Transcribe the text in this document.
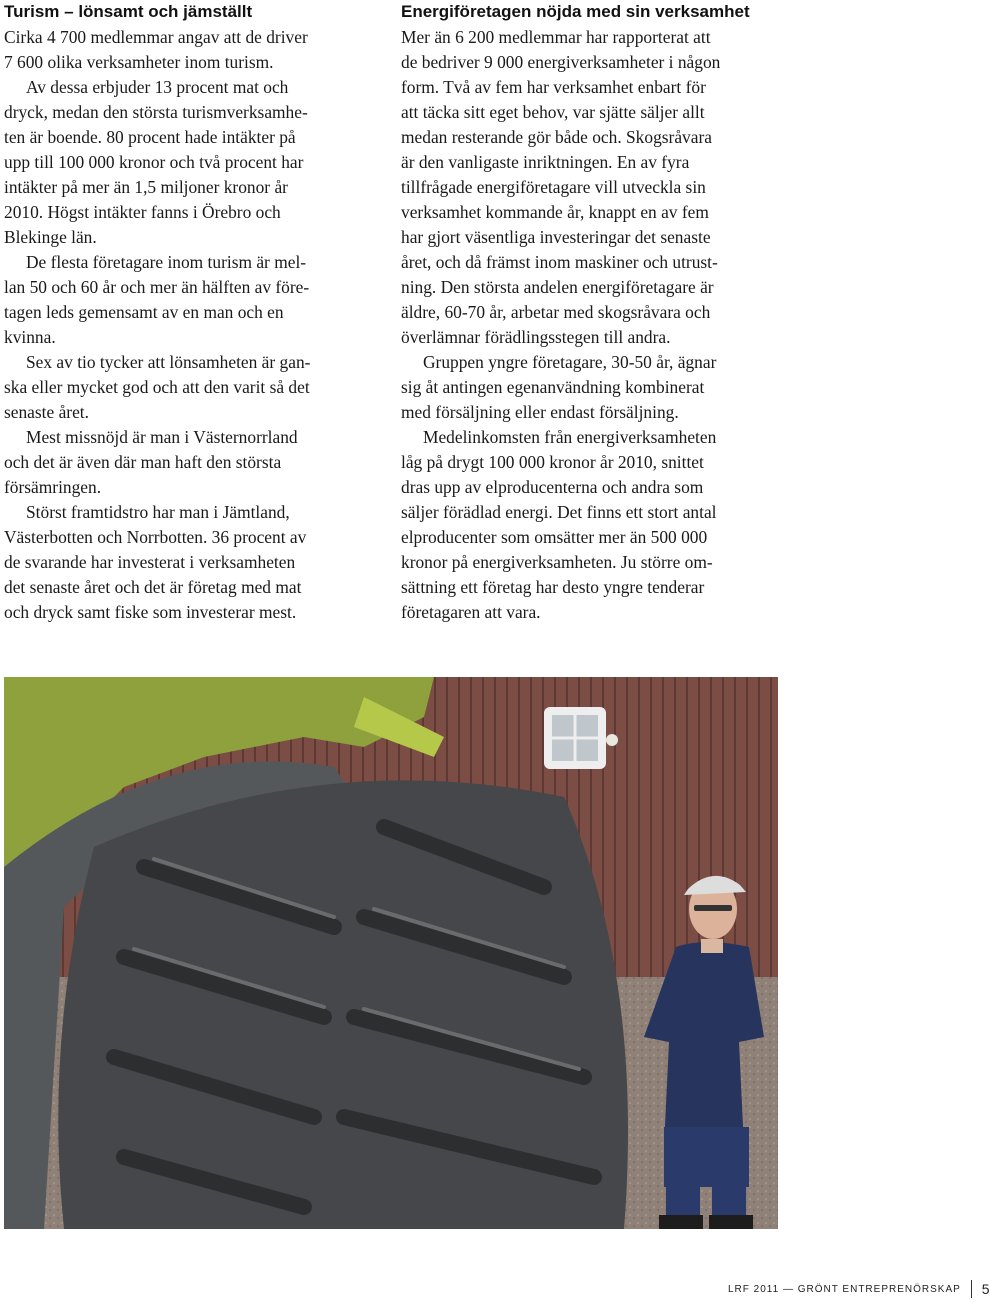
Turism – lönsamt och jämställt

Cirka 4 700 medlemmar angav att de driver
7 600 olika verksamheter inom turism.

Av dessa erbjuder 13 procent mat och
dryck, medan den största turismverksamhe-
ten är boende. 80 procent hade intäkter på
upp till 100 000 kronor och två procent har
intäkter på mer än 1,5 miljoner kronor år
2010. Högst intäkter fanns i Örebro och
Blekinge län.

De flesta företagare inom turism är mel-
lan 50 och 60 år och mer än hälften av före-
tagen leds gemensamt av en man och en
kvinna.

Sex av tio tycker att lönsamheten är gan-
ska eller mycket god och att den varit så det
senaste året.

Mest missnöjd är man i Västernorrland
och det är även där man haft den största
försämringen.

Störst framtidstro har man i Jämtland,
Västerbotten och Norrbotten. 36 procent av
de svarande har investerat i verksamheten
det senaste året och det är företag med mat
och dryck samt fiske som investerar mest.

Energiföretagen nöjda med sin verksamhet

Mer än 6 200 medlemmar har rapporterat att
de bedriver 9 000 energiverksamheter i någon
form. Två av fem har verksamhet enbart för
att täcka sitt eget behov, var sjätte säljer allt
medan resterande gör både och. Skogsråvara
är den vanligaste inriktningen. En av fyra
tillfrågade energiföretagare vill utveckla sin
verksamhet kommande år, knappt en av fem
har gjort väsentliga investeringar det senaste
året, och då främst inom maskiner och utrust-
ning. Den största andelen energiföretagare är
äldre, 60-70 år, arbetar med skogsråvara och
överlämnar förädlingsstegen till andra.

Gruppen yngre företagare, 30-50 år, ägnar
sig åt antingen egenanvändning kombinerat
med försäljning eller endast försäljning.

Medelinkomsten från energiverksamheten
låg på drygt 100 000 kronor år 2010, snittet
dras upp av elproducenterna och andra som
säljer förädlad energi. Det finns ett stort antal
elproducenter som omsätter mer än 500 000
kronor på energiverksamheten. Ju större om-
sättning ett företag har desto yngre tenderar
företagaren att vara.

LRF 2011 — GRÖNT ENTREPRENÖRSKAP 5
